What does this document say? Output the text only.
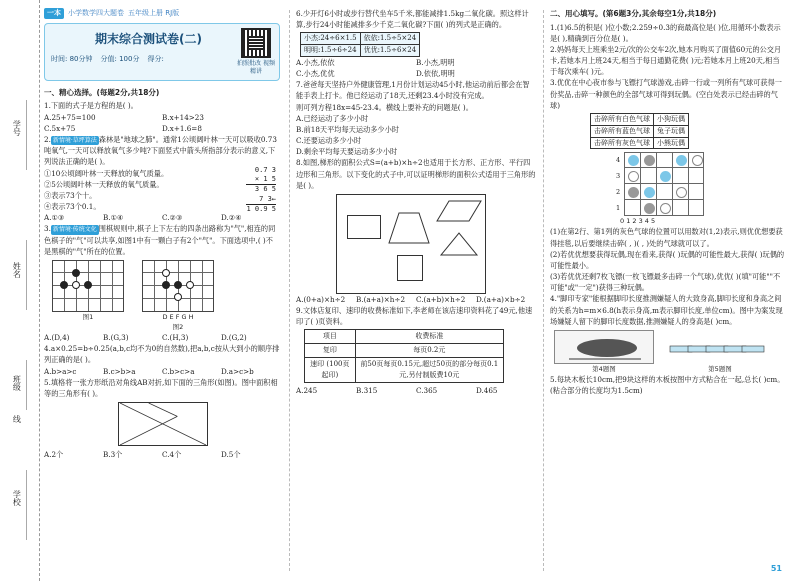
学号
姓名
班级
线
学校
一本	小学数学四大题卷 五年级上册 RJ版
期末综合测试卷(二)
时间: 80分钟 分值: 100分 得分:
拍照批改 视频精讲
一、精心选择。(每题2分,共18分)

1.下面的式子是方程的是( )。

A.25+75=100	B.x+14>23
C.5x+75	D.x+1.6=8

2. 新情境·草坪算法 森林是"地球之肺"。通常1公顷阔叶林一天可以吸收0.73吨氧气,一天可以释放氧气多少吨?下面竖式中箭头所指部分表示的意义,下列说法正确的是( )。

①10公顷阔叶林一天释放的氧气质量。

②5公顷阔叶林一天释放的氧气质量。

③表示73个十。

④表示73个0.1。

0.7 3
× 1 5
3 6 5
7 3←
1 0.9 5
A.①③	B.①④	C.②③	D.②④

3. 新情境·传统文化 围棋规则中,棋子上下左右的四条出路称为"气",相连的同色棋子的"气"可以共享,如图1中有一颗白子有2个"气"。下面选项中,( )不是黑棋的"气"所在的位置。

图1	D E F G H
图2
A.(D,4)	B.(G,3)	C.(H,3)	D.(G,2)

4.a×0.25=b÷0.25(a,b,c均不为0的自然数),把a,b,c按从大到小的顺序排列正确的是( )。

A.b>a>c	B.c>b>a	C.b>c>a	D.a>c>b

5.填格将一张方形纸沿对角线AB对折,如下面的三角形(如图)。图中面积相等的三角形有( )。

A.2个	B.3个	C.4个	D.5个

6.少开灯6小时或步行替代坐车5千米,都能减排1.5kg二氧化碳。照这样计算,步行24小时能减排多少千克二氧化碳?下面( )的列式是正确的。

小杰:24÷6×1.5	依依:1.5÷5×24
明明:1.5÷6÷24	优优:1.5÷6×24
A.小杰,依依	B.小杰,明明
C.小杰,优优	D.依依,明明

7.爸爸每天坚持户外健康管理,1月份计划运动45小时,他运动前后都会在智能手表上打卡。他已经运动了18天,还剩23.4小时没有完成。

则可列方程18x=45-23.4。横线上要补充的问题是( )。

A.已经运动了多少小时

B.前18天平均每天运动多少小时

C.还要运动多少小时

D.剩余平均每天要运动多少小时

8.如图,梯形的面积公式S=(a+b)×h÷2也适用于长方形、正方形、平行四边形和三角形。以下变化的式子中,可以证明梯形的面积公式适用于三角形的是( )。

A.(0+a)×h÷2	B.(a+a)×h÷2	C.(a+b)×h÷2	D.(a+a)×b÷2

9.文体店复印、速印的收费标准如下,李老师在该店速印资料花了49元,他速印了( )页资料。

项目	收费标准
复印	每页0.2元
速印 (100页起印)	前50页每页0.15元,超过50页的部分每页0.1元,另付制版费10元
A.245	B.315	C.365	D.465
二、用心填写。(第6题3分,其余每空1分,共18分)

1.(1)6.5的积是( )位小数;2.259÷0.3的商最高位是( )位,用循环小数表示是( ),精确到百分位是( )。

2.妈妈每天上班乘坐2元/次的公交车2次,她本月购买了面值60元的公交月卡,若她本月上班24天,相当于每日通勤花费( )元;若她本月上班20天,相当于每次乘车( )元。

3.优优在中心夜市参与飞镖打气球游戏,击碎一行或一列所有气球可获得一份奖品,击碎一种颜色的全部气球可得到玩偶。(空白处表示已经击碎的气球)

击碎所有白色气球	小狗玩偶
击碎所有蓝色气球	兔子玩偶
击碎所有灰色气球	小熊玩偶
4
3
2
1
0 1 2 3 4 5

(1)在第2行、第1列的灰色气球的位置可以用数对(1,2)表示,则优优想要获得挂毯,以后要继续击碎( , )( , )处的气球就可以了。

(2)若优优想要获得玩偶,现在看来,获得( )玩偶的可能性最大,获得( )玩偶的可能性最小。

(3)若优优还剩7枚飞镖(一枚飞镖最多击碎一个气球),优优( )(填"可能""不可能"或"一定")获得三种玩偶。

4."脚印专家"能根据脚印长度推测嫌疑人的大致身高,脚印长度和身高之间的关系为h=m×6.8(h表示身高,m表示脚印长度,单位cm)。图中为案发现场嫌疑人留下的脚印长度数据,推测嫌疑人的身高是( )cm。

第4题图	第5题图

5.每块木板长10cm,把9块这样的木板按图中方式粘合在一起,总长( )cm。(粘合部分的长度均为1.5cm)

51
